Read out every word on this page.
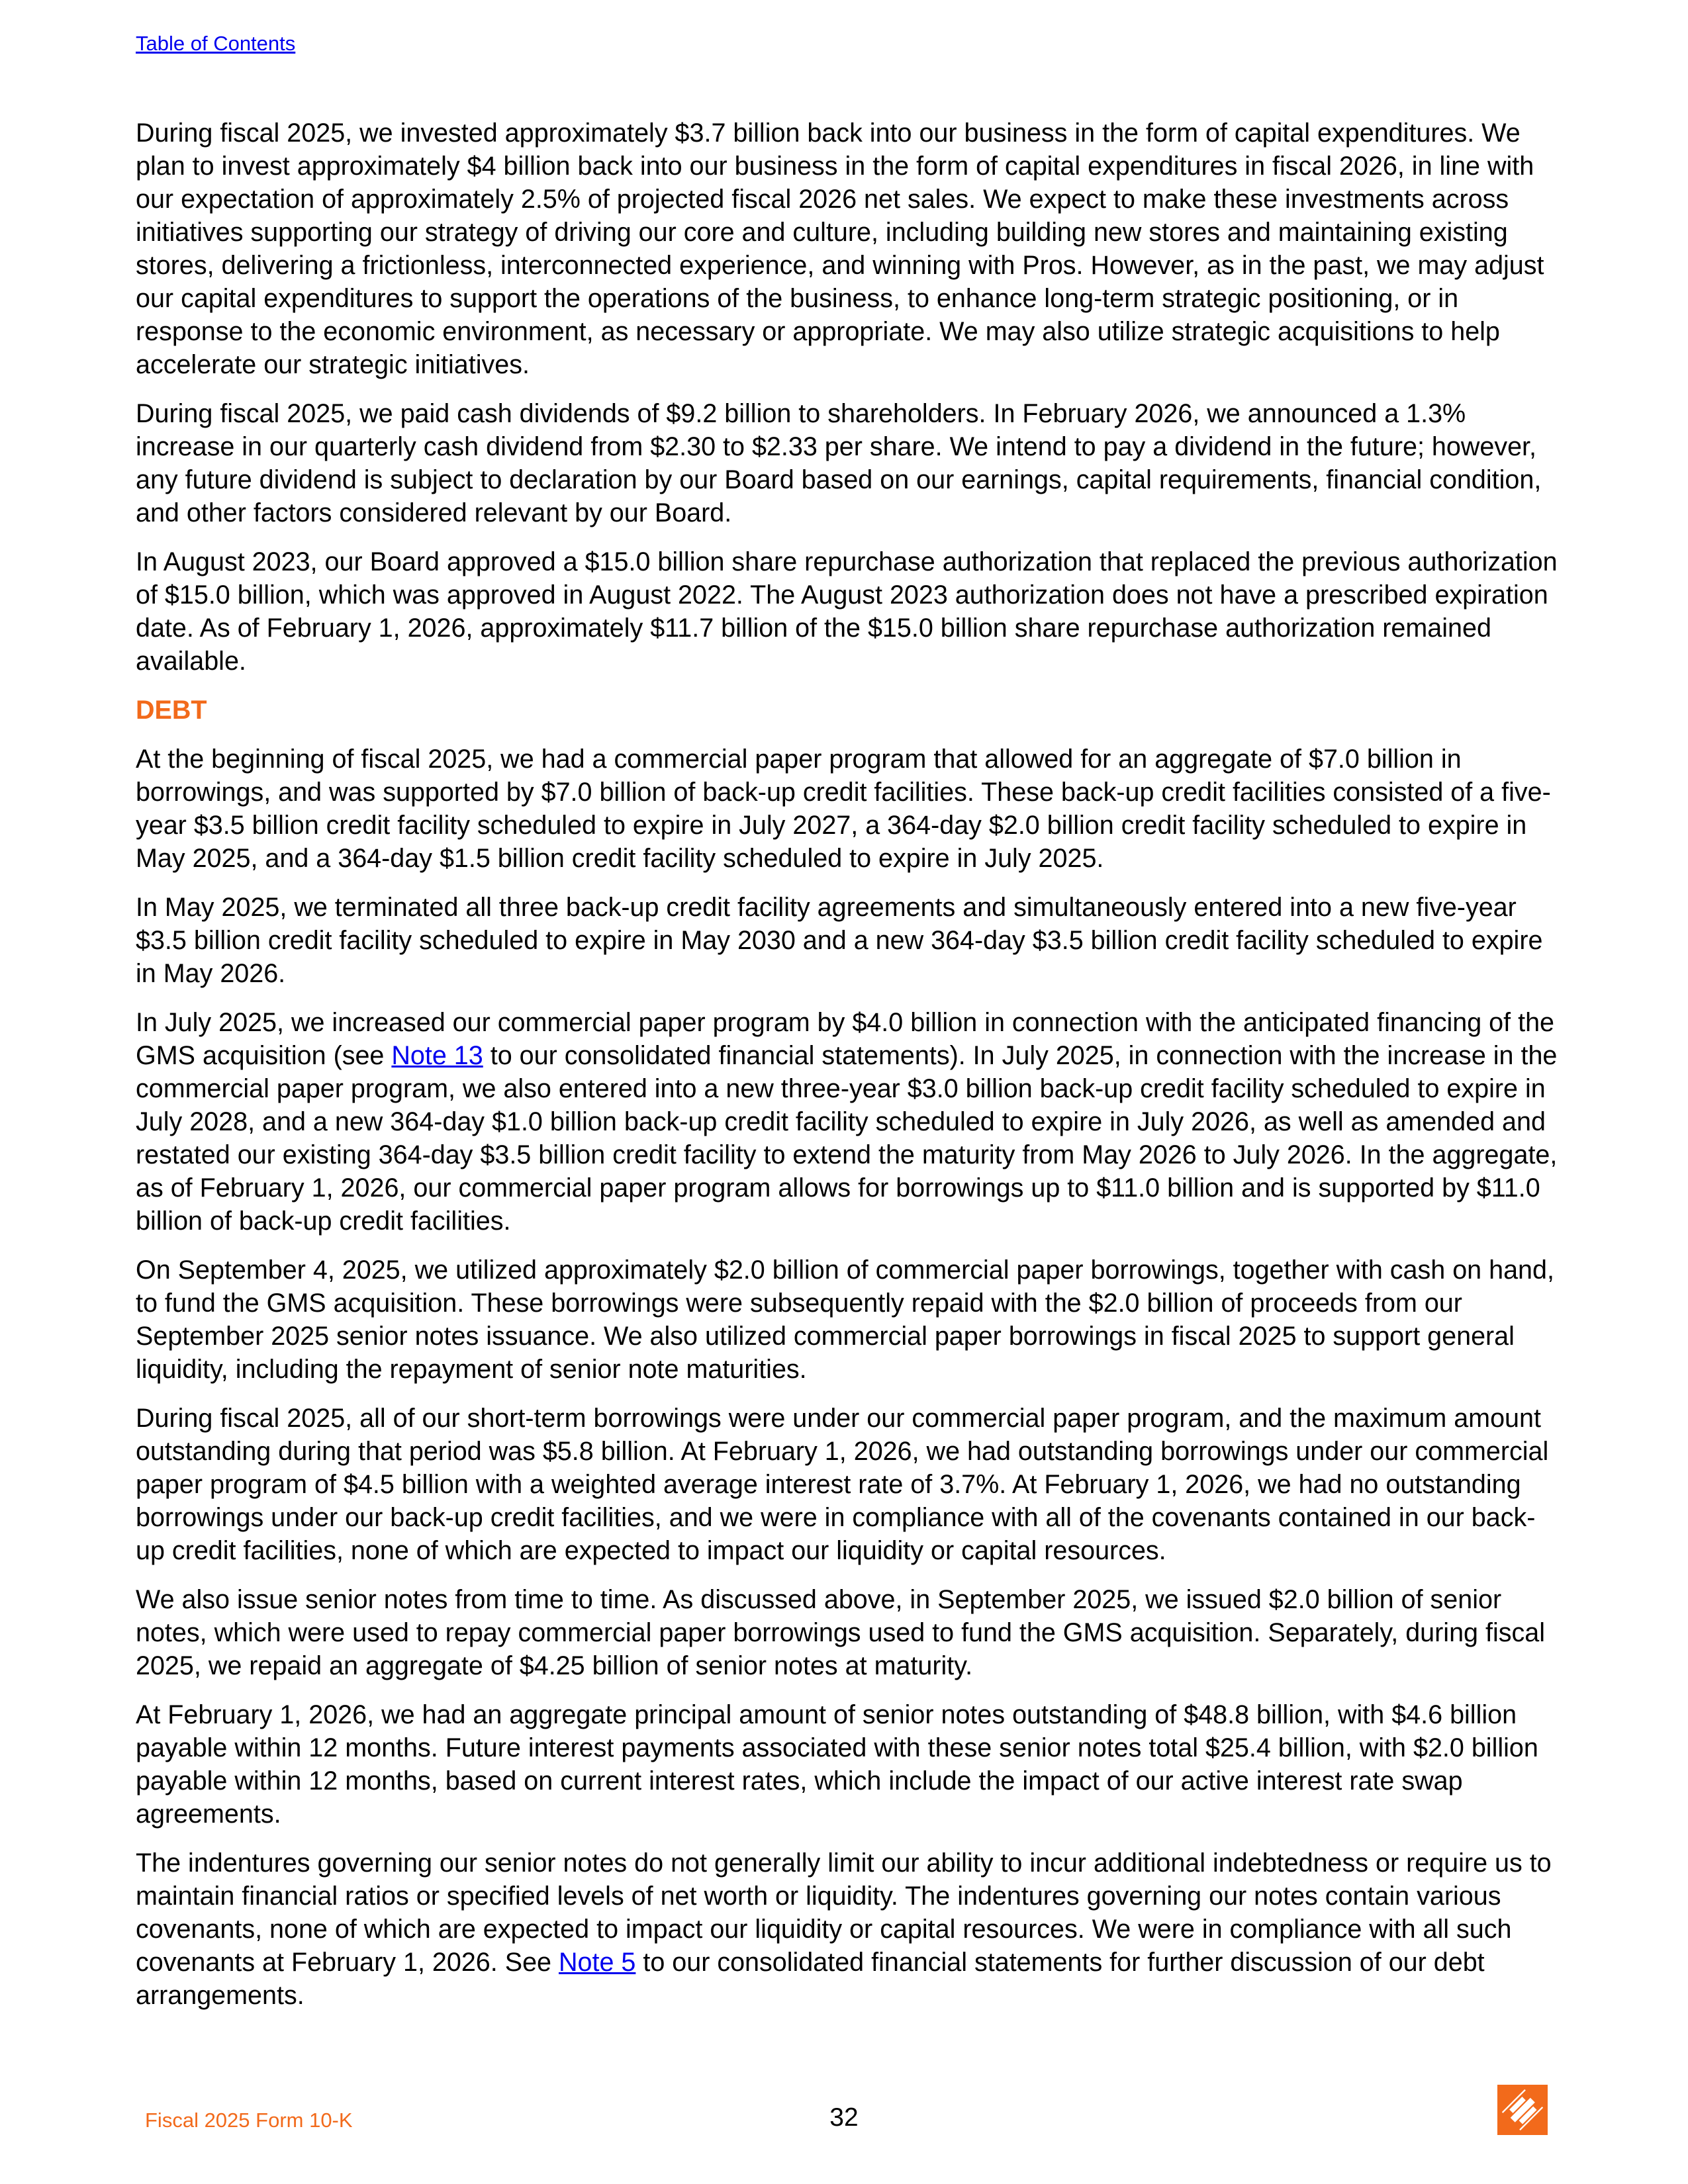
Table of Contents

During fiscal 2025, we invested approximately $3.7 billion back into our business in the form of capital expenditures. We plan to invest approximately $4 billion back into our business in the form of capital expenditures in fiscal 2026, in line with our expectation of approximately 2.5% of projected fiscal 2026 net sales. We expect to make these investments across initiatives supporting our strategy of driving our core and culture, including building new stores and maintaining existing stores, delivering a frictionless, interconnected experience, and winning with Pros. However, as in the past, we may adjust our capital expenditures to support the operations of the business, to enhance long-term strategic positioning, or in response to the economic environment, as necessary or appropriate. We may also utilize strategic acquisitions to help accelerate our strategic initiatives.

During fiscal 2025, we paid cash dividends of $9.2 billion to shareholders. In February 2026, we announced a 1.3% increase in our quarterly cash dividend from $2.30 to $2.33 per share. We intend to pay a dividend in the future; however, any future dividend is subject to declaration by our Board based on our earnings, capital requirements, financial condition, and other factors considered relevant by our Board.

In August 2023, our Board approved a $15.0 billion share repurchase authorization that replaced the previous authorization of $15.0 billion, which was approved in August 2022. The August 2023 authorization does not have a prescribed expiration date. As of February 1, 2026, approximately $11.7 billion of the $15.0 billion share repurchase authorization remained available.

DEBT

At the beginning of fiscal 2025, we had a commercial paper program that allowed for an aggregate of $7.0 billion in borrowings, and was supported by $7.0 billion of back-up credit facilities. These back-up credit facilities consisted of a five-year $3.5 billion credit facility scheduled to expire in July 2027, a 364-day $2.0 billion credit facility scheduled to expire in May 2025, and a 364-day $1.5 billion credit facility scheduled to expire in July 2025.

In May 2025, we terminated all three back-up credit facility agreements and simultaneously entered into a new five-year $3.5 billion credit facility scheduled to expire in May 2030 and a new 364-day $3.5 billion credit facility scheduled to expire in May 2026.

In July 2025, we increased our commercial paper program by $4.0 billion in connection with the anticipated financing of the GMS acquisition (see Note 13 to our consolidated financial statements). In July 2025, in connection with the increase in the commercial paper program, we also entered into a new three-year $3.0 billion back-up credit facility scheduled to expire in July 2028, and a new 364-day $1.0 billion back-up credit facility scheduled to expire in July 2026, as well as amended and restated our existing 364-day $3.5 billion credit facility to extend the maturity from May 2026 to July 2026. In the aggregate, as of February 1, 2026, our commercial paper program allows for borrowings up to $11.0 billion and is supported by $11.0 billion of back-up credit facilities.

On September 4, 2025, we utilized approximately $2.0 billion of commercial paper borrowings, together with cash on hand, to fund the GMS acquisition. These borrowings were subsequently repaid with the $2.0 billion of proceeds from our September 2025 senior notes issuance. We also utilized commercial paper borrowings in fiscal 2025 to support general liquidity, including the repayment of senior note maturities.

During fiscal 2025, all of our short-term borrowings were under our commercial paper program, and the maximum amount outstanding during that period was $5.8 billion. At February 1, 2026, we had outstanding borrowings under our commercial paper program of $4.5 billion with a weighted average interest rate of 3.7%. At February 1, 2026, we had no outstanding borrowings under our back-up credit facilities, and we were in compliance with all of the covenants contained in our back-up credit facilities, none of which are expected to impact our liquidity or capital resources.

We also issue senior notes from time to time. As discussed above, in September 2025, we issued $2.0 billion of senior notes, which were used to repay commercial paper borrowings used to fund the GMS acquisition. Separately, during fiscal 2025, we repaid an aggregate of $4.25 billion of senior notes at maturity.

At February 1, 2026, we had an aggregate principal amount of senior notes outstanding of $48.8 billion, with $4.6 billion payable within 12 months. Future interest payments associated with these senior notes total $25.4 billion, with $2.0 billion payable within 12 months, based on current interest rates, which include the impact of our active interest rate swap agreements.

The indentures governing our senior notes do not generally limit our ability to incur additional indebtedness or require us to maintain financial ratios or specified levels of net worth or liquidity. The indentures governing our notes contain various covenants, none of which are expected to impact our liquidity or capital resources. We were in compliance with all such covenants at February 1, 2026. See Note 5 to our consolidated financial statements for further discussion of our debt arrangements.

Fiscal 2025 Form 10-K	32
